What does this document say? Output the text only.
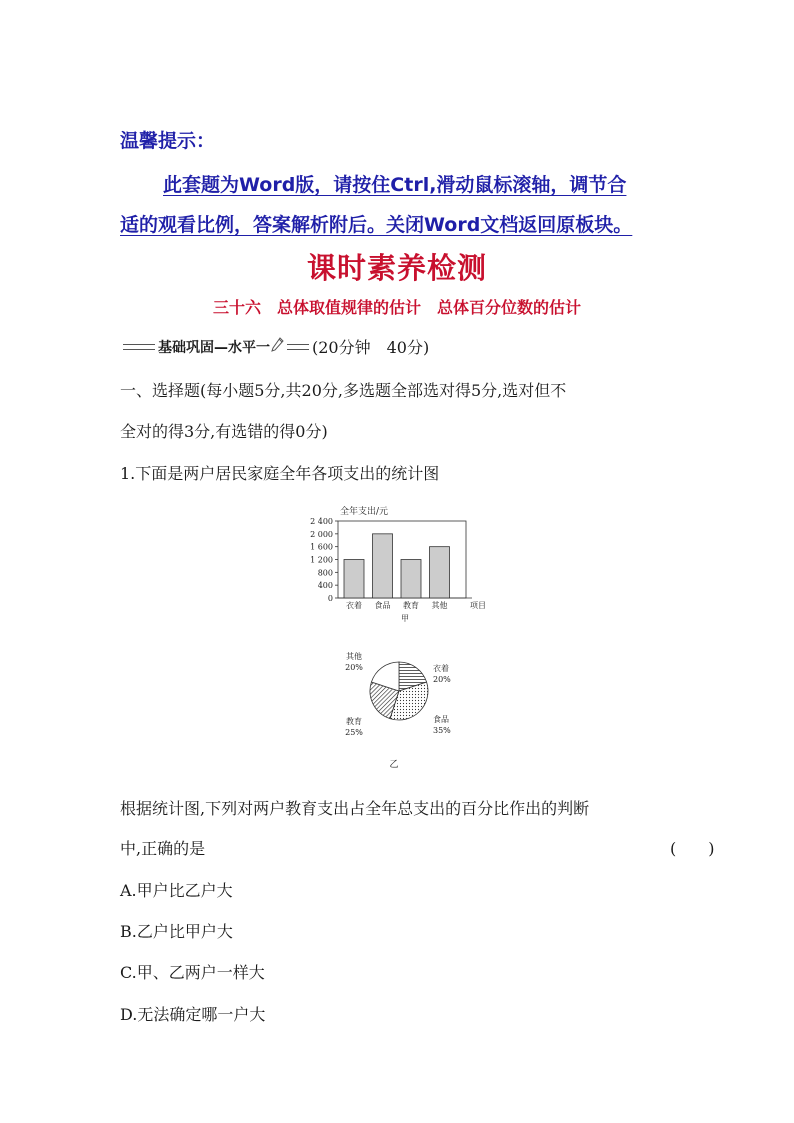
温馨提示：
此套题为Word版，请按住Ctrl,滑动鼠标滚轴，调节合
适的观看比例，答案解析附后。关闭Word文档返回原板块。
课时素养检测
三十六　总体取值规律的估计　总体百分位数的估计
基础巩固—水平一	(20分钟　40分)
一、选择题(每小题5分,共20分,多选题全部选对得5分,选对但不
全对的得3分,有选错的得0分)
1.下面是两户居民家庭全年各项支出的统计图
0
400
800
1 200
1 600
2 000
2 400
全年支出/元
衣着 食品 教育 其他	项目
甲
衣着
20%
食品
35%
教育
25%
其他
20%
乙
根据统计图,下列对两户教育支出占全年总支出的百分比作出的判断
中,正确的是	(　　)
A.甲户比乙户大
B.乙户比甲户大
C.甲、乙两户一样大
D.无法确定哪一户大
